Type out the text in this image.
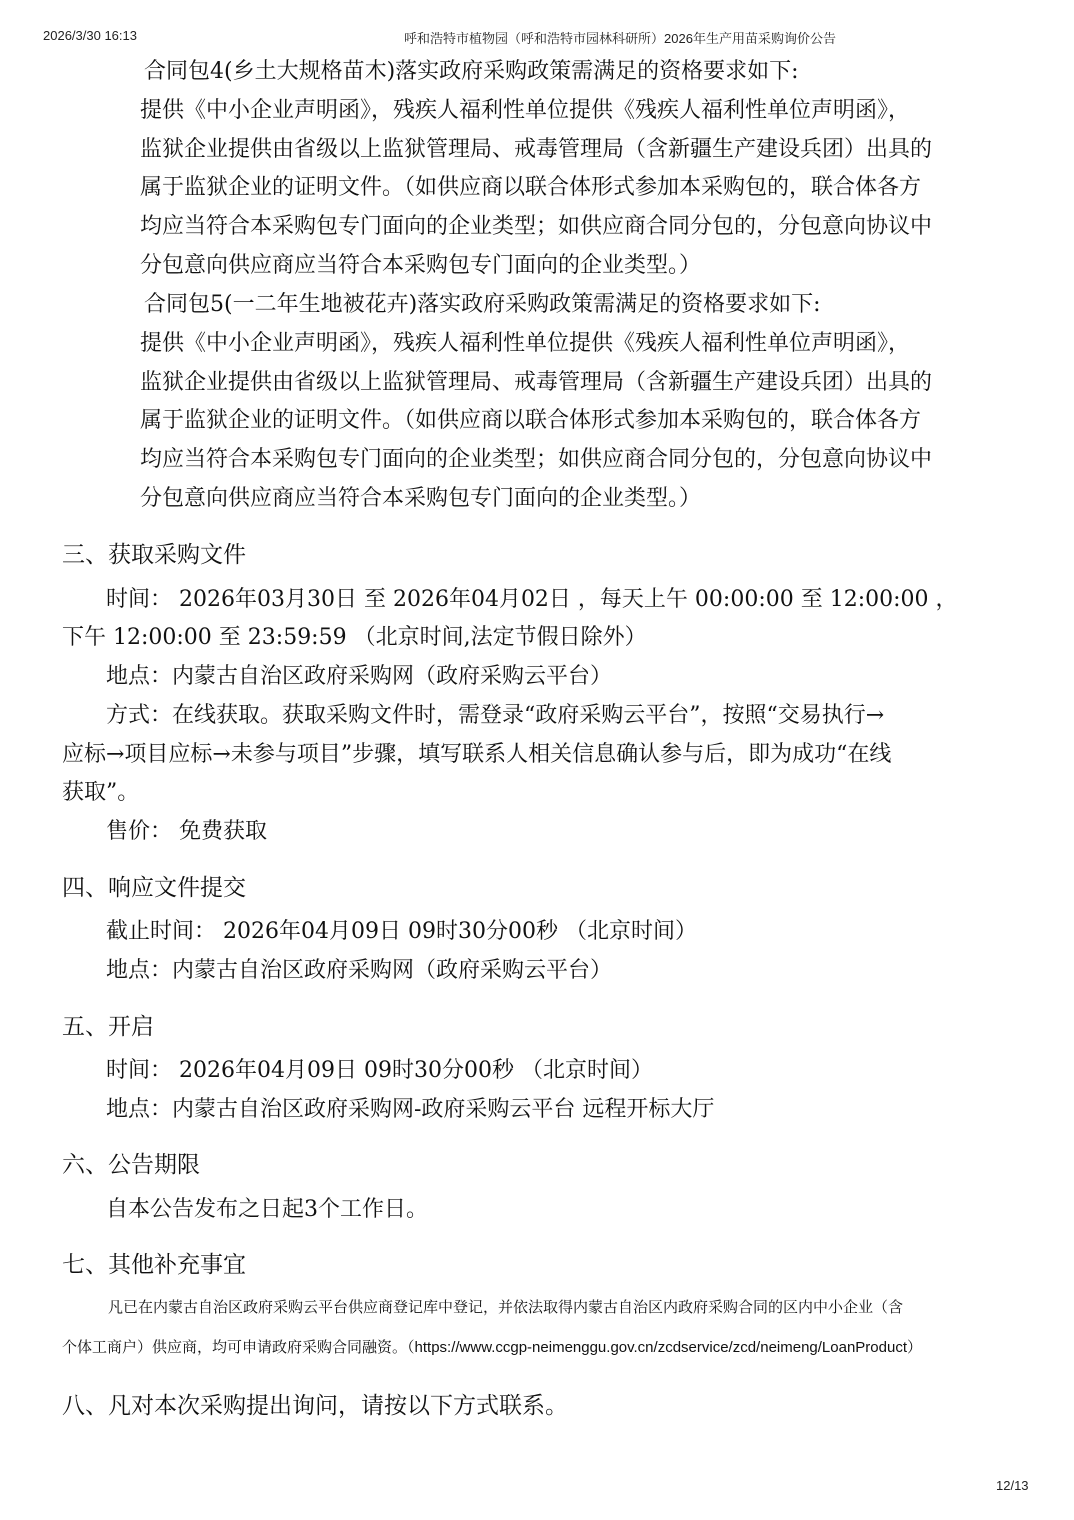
2026/3/30 16:13	呼和浩特市植物园（呼和浩特市园林科研所）2026年生产用苗采购询价公告
合同包4(乡土大规格苗木)落实政府采购政策需满足的资格要求如下:
提供《中小企业声明函》，残疾人福利性单位提供《残疾人福利性单位声明函》，
监狱企业提供由省级以上监狱管理局、戒毒管理局（含新疆生产建设兵团）出具的
属于监狱企业的证明文件。（如供应商以联合体形式参加本采购包的，联合体各方
均应当符合本采购包专门面向的企业类型；如供应商合同分包的，分包意向协议中
分包意向供应商应当符合本采购包专门面向的企业类型。）
合同包5(一二年生地被花卉)落实政府采购政策需满足的资格要求如下:
提供《中小企业声明函》，残疾人福利性单位提供《残疾人福利性单位声明函》，
监狱企业提供由省级以上监狱管理局、戒毒管理局（含新疆生产建设兵团）出具的
属于监狱企业的证明文件。（如供应商以联合体形式参加本采购包的，联合体各方
均应当符合本采购包专门面向的企业类型；如供应商合同分包的，分包意向协议中
分包意向供应商应当符合本采购包专门面向的企业类型。）
三、获取采购文件
时间： 2026年03月30日 至 2026年04月02日 ，每天上午 00:00:00 至 12:00:00 ，
下午 12:00:00 至 23:59:59 （北京时间,法定节假日除外）
地点：内蒙古自治区政府采购网（政府采购云平台）
方式：在线获取。获取采购文件时，需登录“政府采购云平台”，按照“交易执行→
应标→项目应标→未参与项目”步骤，填写联系人相关信息确认参与后，即为成功“在线
获取”。
售价： 免费获取
四、响应文件提交
截止时间： 2026年04月09日 09时30分00秒 （北京时间）
地点：内蒙古自治区政府采购网（政府采购云平台）
五、开启
时间： 2026年04月09日 09时30分00秒 （北京时间）
地点：内蒙古自治区政府采购网-政府采购云平台 远程开标大厅
六、公告期限
自本公告发布之日起3个工作日。
七、其他补充事宜
凡已在内蒙古自治区政府采购云平台供应商登记库中登记，并依法取得内蒙古自治区内政府采购合同的区内中小企业（含
个体工商户）供应商，均可申请政府采购合同融资。（https://www.ccgp-neimenggu.gov.cn/zcdservice/zcd/neimeng/LoanProduct）
八、凡对本次采购提出询问，请按以下方式联系。
12/13
